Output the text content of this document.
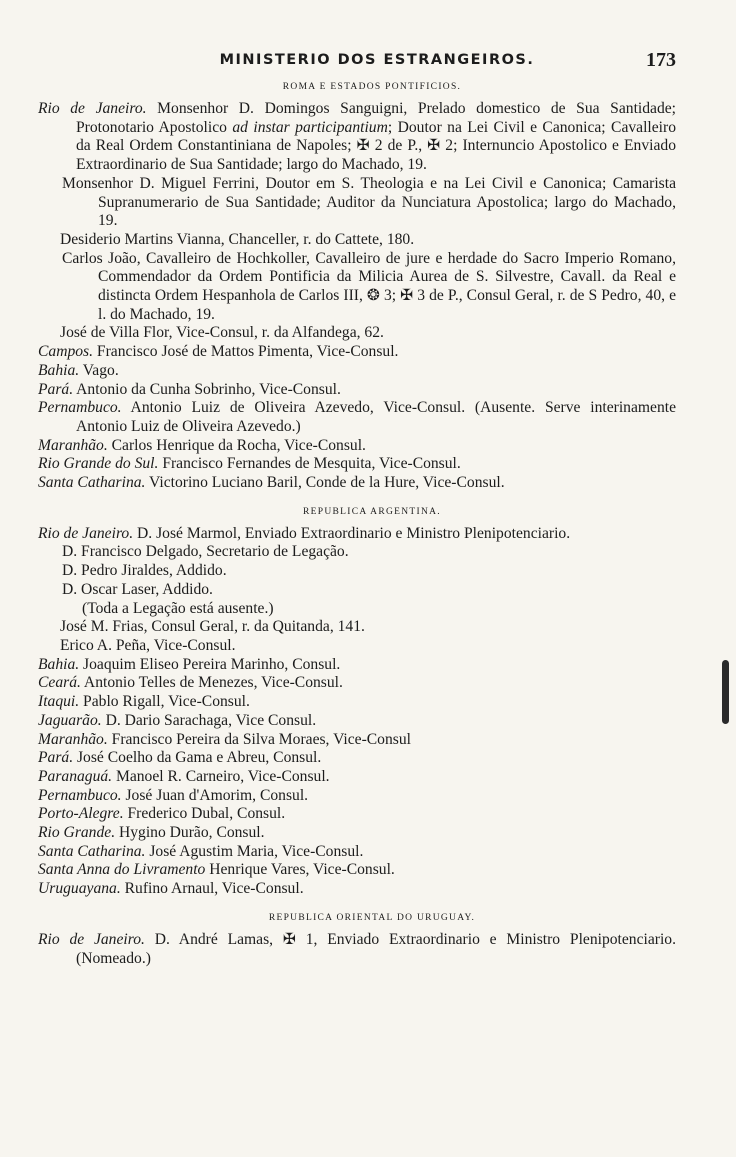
MINISTERIO DOS ESTRANGEIROS.	173
ROMA E ESTADOS PONTIFICIOS.

Rio de Janeiro. Monsenhor D. Domingos Sanguigni, Prelado domestico de Sua Santidade; Protonotario Apostolico ad instar participantium; Doutor na Lei Civil e Canonica; Cavalleiro da Real Ordem Constantiniana de Napoles; ✠ 2 de P., ✠ 2; Internuncio Apostolico e Enviado Extraordinario de Sua Santidade; largo do Machado, 19.

Monsenhor D. Miguel Ferrini, Doutor em S. Theologia e na Lei Civil e Canonica; Camarista Supranumerario de Sua Santidade; Auditor da Nunciatura Apostolica; largo do Machado, 19.

Desiderio Martins Vianna, Chanceller, r. do Cattete, 180.

Carlos João, Cavalleiro de Hochkoller, Cavalleiro de jure e herdade do Sacro Imperio Romano, Commendador da Ordem Pontificia da Milicia Aurea de S. Silvestre, Cavall. da Real e distincta Ordem Hespanhola de Carlos III, ❂ 3; ✠ 3 de P., Consul Geral, r. de S Pedro, 40, e l. do Machado, 19.

José de Villa Flor, Vice-Consul, r. da Alfandega, 62.

Campos. Francisco José de Mattos Pimenta, Vice-Consul.

Bahia. Vago.

Pará. Antonio da Cunha Sobrinho, Vice-Consul.

Pernambuco. Antonio Luiz de Oliveira Azevedo, Vice-Consul. (Ausente. Serve interinamente Antonio Luiz de Oliveira Azevedo.)

Maranhão. Carlos Henrique da Rocha, Vice-Consul.

Rio Grande do Sul. Francisco Fernandes de Mesquita, Vice-Consul.

Santa Catharina. Victorino Luciano Baril, Conde de la Hure, Vice-Consul.

REPUBLICA ARGENTINA.

Rio de Janeiro. D. José Marmol, Enviado Extraordinario e Ministro Plenipotenciario.

D. Francisco Delgado, Secretario de Legação.

D. Pedro Jiraldes, Addido.

D. Oscar Laser, Addido.

(Toda a Legação está ausente.)

José M. Frias, Consul Geral, r. da Quitanda, 141.

Erico A. Peña, Vice-Consul.

Bahia. Joaquim Eliseo Pereira Marinho, Consul.

Ceará. Antonio Telles de Menezes, Vice-Consul.

Itaqui. Pablo Rigall, Vice-Consul.

Jaguarão. D. Dario Sarachaga, Vice Consul.

Maranhão. Francisco Pereira da Silva Moraes, Vice-Consul

Pará. José Coelho da Gama e Abreu, Consul.

Paranaguá. Manoel R. Carneiro, Vice-Consul.

Pernambuco. José Juan d'Amorim, Consul.

Porto-Alegre. Frederico Dubal, Consul.

Rio Grande. Hygino Durão, Consul.

Santa Catharina. José Agustim Maria, Vice-Consul.

Santa Anna do Livramento Henrique Vares, Vice-Consul.

Uruguayana. Rufino Arnaul, Vice-Consul.

REPUBLICA ORIENTAL DO URUGUAY.

Rio de Janeiro. D. André Lamas, ✠ 1, Enviado Extraordinario e Ministro Plenipotenciario. (Nomeado.)
